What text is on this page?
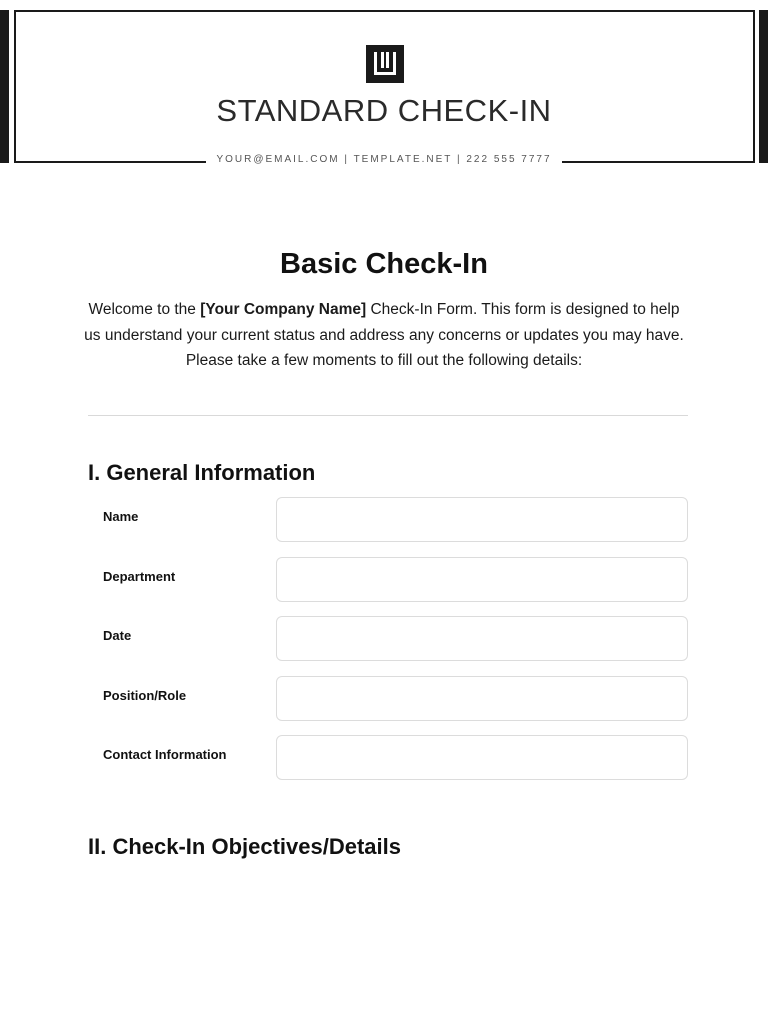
STANDARD CHECK-IN
YOUR@EMAIL.COM | TEMPLATE.NET | 222 555 7777
Basic Check-In
Welcome to the [Your Company Name] Check-In Form. This form is designed to help us understand your current status and address any concerns or updates you may have. Please take a few moments to fill out the following details:
I. General Information
Name
Department
Date
Position/Role
Contact Information
II. Check-In Objectives/Details
